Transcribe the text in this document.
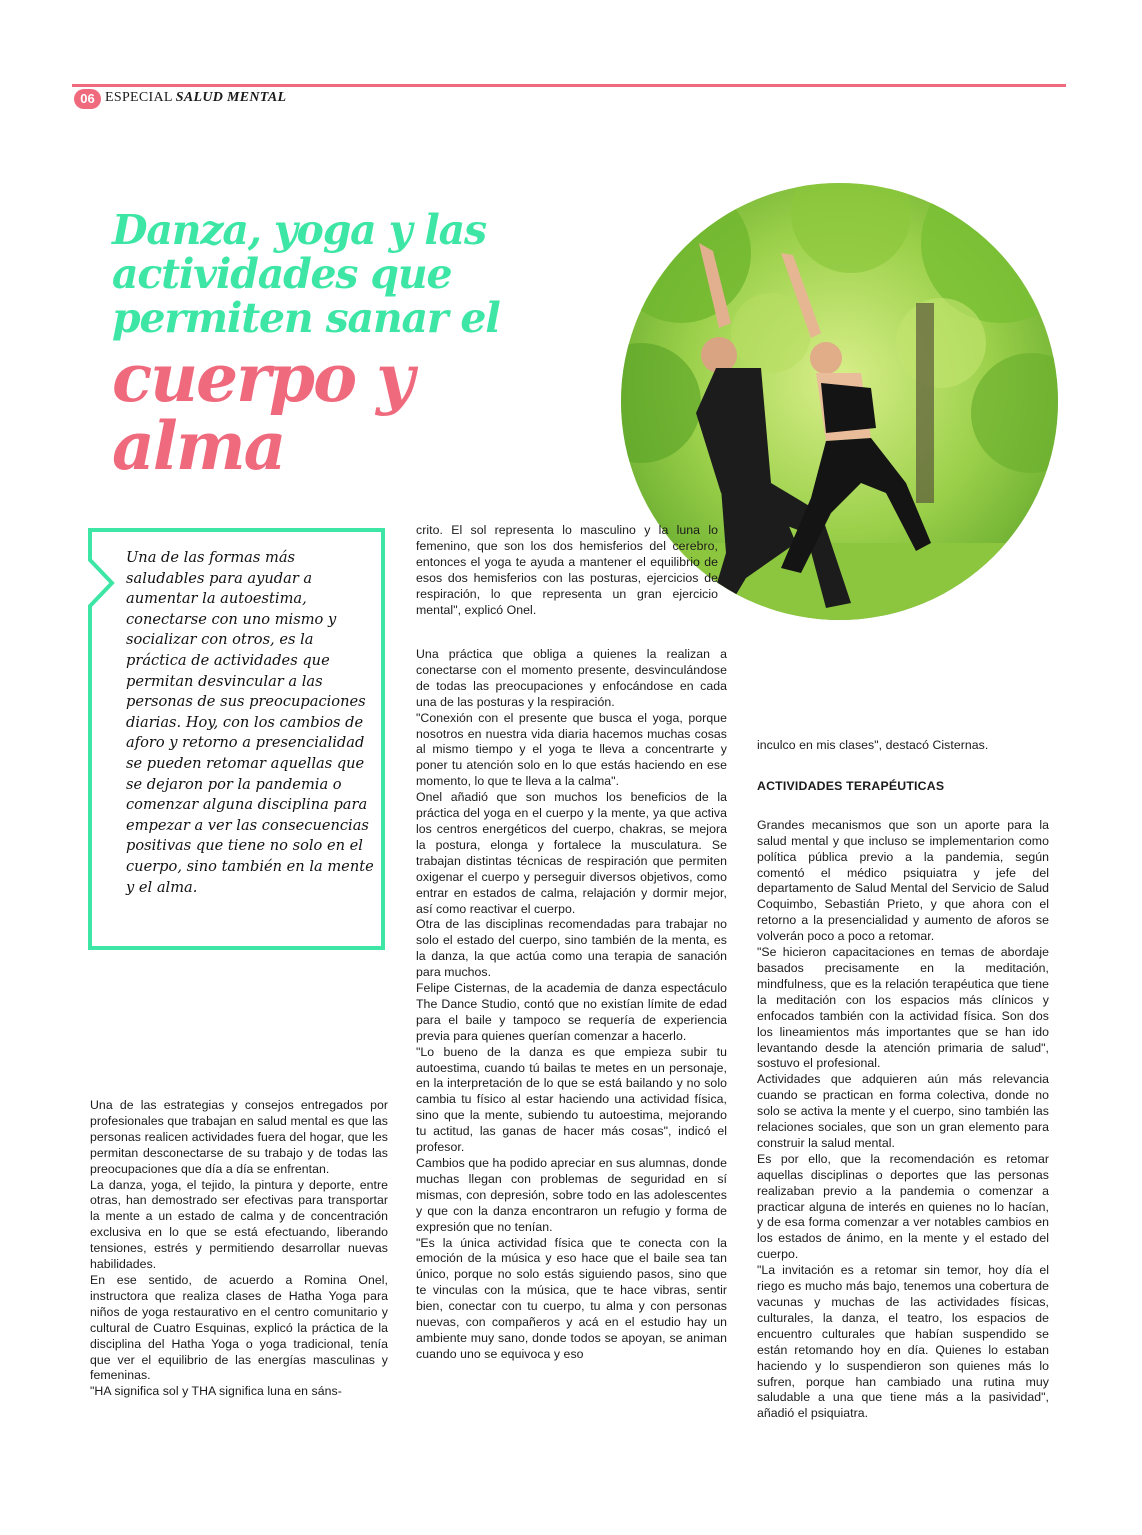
06 ESPECIAL SALUD MENTAL
Danza, yoga y las
actividades que
permiten sanar el
cuerpo y alma
Una de las formas más saludables para ayudar a aumentar la autoestima, conectarse con uno mismo y socializar con otros, es la práctica de actividades que permitan desvincular a las personas de sus preocupaciones diarias. Hoy, con los cambios de aforo y retorno a presencialidad se pueden retomar aquellas que se dejaron por la pandemia o comenzar alguna disciplina para empezar a ver las consecuencias positivas que tiene no solo en el cuerpo, sino también en la mente y el alma.

Una de las estrategias y consejos entregados por profesionales que trabajan en salud mental es que las personas realicen actividades fuera del hogar, que les permitan desconectarse de su trabajo y de todas las preocupaciones que día a día se enfrentan.

La danza, yoga, el tejido, la pintura y deporte, entre otras, han demostrado ser efectivas para transportar la mente a un estado de calma y de concentración exclusiva en lo que se está efectuando, liberando tensiones, estrés y permitiendo desarrollar nuevas habilidades.

En ese sentido, de acuerdo a Romina Onel, instructora que realiza clases de Hatha Yoga para niños de yoga restaurativo en el centro comunitario y cultural de Cuatro Esquinas, explicó la práctica de la disciplina del Hatha Yoga o yoga tradicional, tenía que ver el equilibrio de las energías masculinas y femeninas.

"HA significa sol y THA significa luna en sáns-

crito. El sol representa lo masculino y la luna lo femenino, que son los dos hemisferios del cerebro, entonces el yoga te ayuda a mantener el equilibrio de esos dos hemisferios con las posturas, ejercicios de respiración, lo que representa un gran ejercicio mental", explicó Onel.

Una práctica que obliga a quienes la realizan a conectarse con el momento presente, desvinculándose de todas las preocupaciones y enfocándose en cada una de las posturas y la respiración.

"Conexión con el presente que busca el yoga, porque nosotros en nuestra vida diaria hacemos muchas cosas al mismo tiempo y el yoga te lleva a concentrarte y poner tu atención solo en lo que estás haciendo en ese momento, lo que te lleva a la calma".

Onel añadió que son muchos los beneficios de la práctica del yoga en el cuerpo y la mente, ya que activa los centros energéticos del cuerpo, chakras, se mejora la postura, elonga y fortalece la musculatura. Se trabajan distintas técnicas de respiración que permiten oxigenar el cuerpo y perseguir diversos objetivos, como entrar en estados de calma, relajación y dormir mejor, así como reactivar el cuerpo.

Otra de las disciplinas recomendadas para trabajar no solo el estado del cuerpo, sino también de la menta, es la danza, la que actúa como una terapia de sanación para muchos.

Felipe Cisternas, de la academia de danza espectáculo The Dance Studio, contó que no existían límite de edad para el baile y tampoco se requería de experiencia previa para quienes querían comenzar a hacerlo.

"Lo bueno de la danza es que empieza subir tu autoestima, cuando tú bailas te metes en un personaje, en la interpretación de lo que se está bailando y no solo cambia tu físico al estar haciendo una actividad física, sino que la mente, subiendo tu autoestima, mejorando tu actitud, las ganas de hacer más cosas", indicó el profesor.

Cambios que ha podido apreciar en sus alumnas, donde muchas llegan con problemas de seguridad en sí mismas, con depresión, sobre todo en las adolescentes y que con la danza encontraron un refugio y forma de expresión que no tenían.

"Es la única actividad física que te conecta con la emoción de la música y eso hace que el baile sea tan único, porque no solo estás siguiendo pasos, sino que te vinculas con la música, que te hace vibras, sentir bien, conectar con tu cuerpo, tu alma y con personas nuevas, con compañeros y acá en el estudio hay un ambiente muy sano, donde todos se apoyan, se animan cuando uno se equivoca y eso

inculco en mis clases", destacó Cisternas.

ACTIVIDADES TERAPÉUTICAS

Grandes mecanismos que son un aporte para la salud mental y que incluso se implementarion como política pública previo a la pandemia, según comentó el médico psiquiatra y jefe del departamento de Salud Mental del Servicio de Salud Coquimbo, Sebastián Prieto, y que ahora con el retorno a la presencialidad y aumento de aforos se volverán poco a poco a retomar.

"Se hicieron capacitaciones en temas de abordaje basados precisamente en la meditación, mindfulness, que es la relación terapéutica que tiene la meditación con los espacios más clínicos y enfocados también con la actividad física. Son dos los lineamientos más importantes que se han ido levantando desde la atención primaria de salud", sostuvo el profesional.

Actividades que adquieren aún más relevancia cuando se practican en forma colectiva, donde no solo se activa la mente y el cuerpo, sino también las relaciones sociales, que son un gran elemento para construir la salud mental.

Es por ello, que la recomendación es retomar aquellas disciplinas o deportes que las personas realizaban previo a la pandemia o comenzar a practicar alguna de interés en quienes no lo hacían, y de esa forma comenzar a ver notables cambios en los estados de ánimo, en la mente y el estado del cuerpo.

"La invitación es a retomar sin temor, hoy día el riego es mucho más bajo, tenemos una cobertura de vacunas y muchas de las actividades físicas, culturales, la danza, el teatro, los espacios de encuentro culturales que habían suspendido se están retomando hoy en día. Quienes lo estaban haciendo y lo suspendieron son quienes más lo sufren, porque han cambiado una rutina muy saludable a una que tiene más a la pasividad", añadió el psiquiatra.
